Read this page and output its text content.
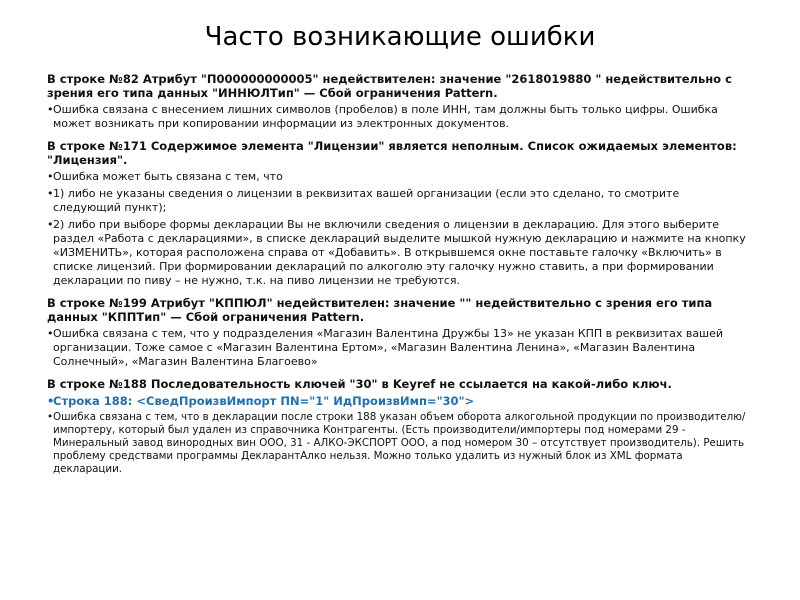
Часто возникающие ошибки
В строке №82 Атрибут "П000000000005" недействителен: значение "2618019880 " недействительно с зрения его типа данных "ИННЮЛТип" — Сбой ограничения Pattern.
• Ошибка связана с внесением лишних символов (пробелов) в поле ИНН, там должны быть только цифры. Ошибка может возникать при копировании информации из электронных документов.
В строке №171 Содержимое элемента "Лицензии" является неполным. Список ожидаемых элементов: "Лицензия".
• Ошибка может быть связана с тем, что
• 1) либо не указаны сведения о лицензии в реквизитах вашей организации (если это сделано, то смотрите следующий пункт);
• 2) либо при выборе формы декларации Вы не включили сведения о лицензии в декларацию. Для этого выберите раздел «Работа с декларациями», в списке деклараций выделите мышкой нужную декларацию и нажмите на кнопку «ИЗМЕНИТЬ», которая расположена справа от «Добавить». В открывшемся окне поставьте галочку «Включить» в списке лицензий. При формировании деклараций по алкоголю эту галочку нужно ставить, а при формировании декларации по пиву – не нужно, т.к. на пиво лицензии не требуются.
В строке №199 Атрибут "КППЮЛ" недействителен: значение "" недействительно с зрения его типа данных "КППТип" — Сбой ограничения Pattern.
• Ошибка связана с тем, что у подразделения «Магазин Валентина Дружбы 13» не указан КПП в реквизитах вашей организации. Тоже самое с «Магазин Валентина Ертом», «Магазин Валентина Ленина», «Магазин Валентина Солнечный», «Магазин Валентина Благоево»
В строке №188 Последовательность ключей "30" в Keyref не ссылается на какой-либо ключ.
•
Строка 188: <СведПроизвИмпорт ПN="1" ИдПроизвИмп="30">
• Ошибка связана с тем, что в декларации после строки 188 указан объем оборота алкогольной продукции по производителю/импортеру, который был удален из справочника Контрагенты. (Есть производители/импортеры под номерами 29 - Минеральный завод винородных вин ООО, 31 - АЛКО-ЭКСПОРТ ООО, а под номером 30 – отсутствует производитель). Решить проблему средствами программы ДекларантАлко нельзя. Можно только удалить из нужный блок из XML формата декларации.
